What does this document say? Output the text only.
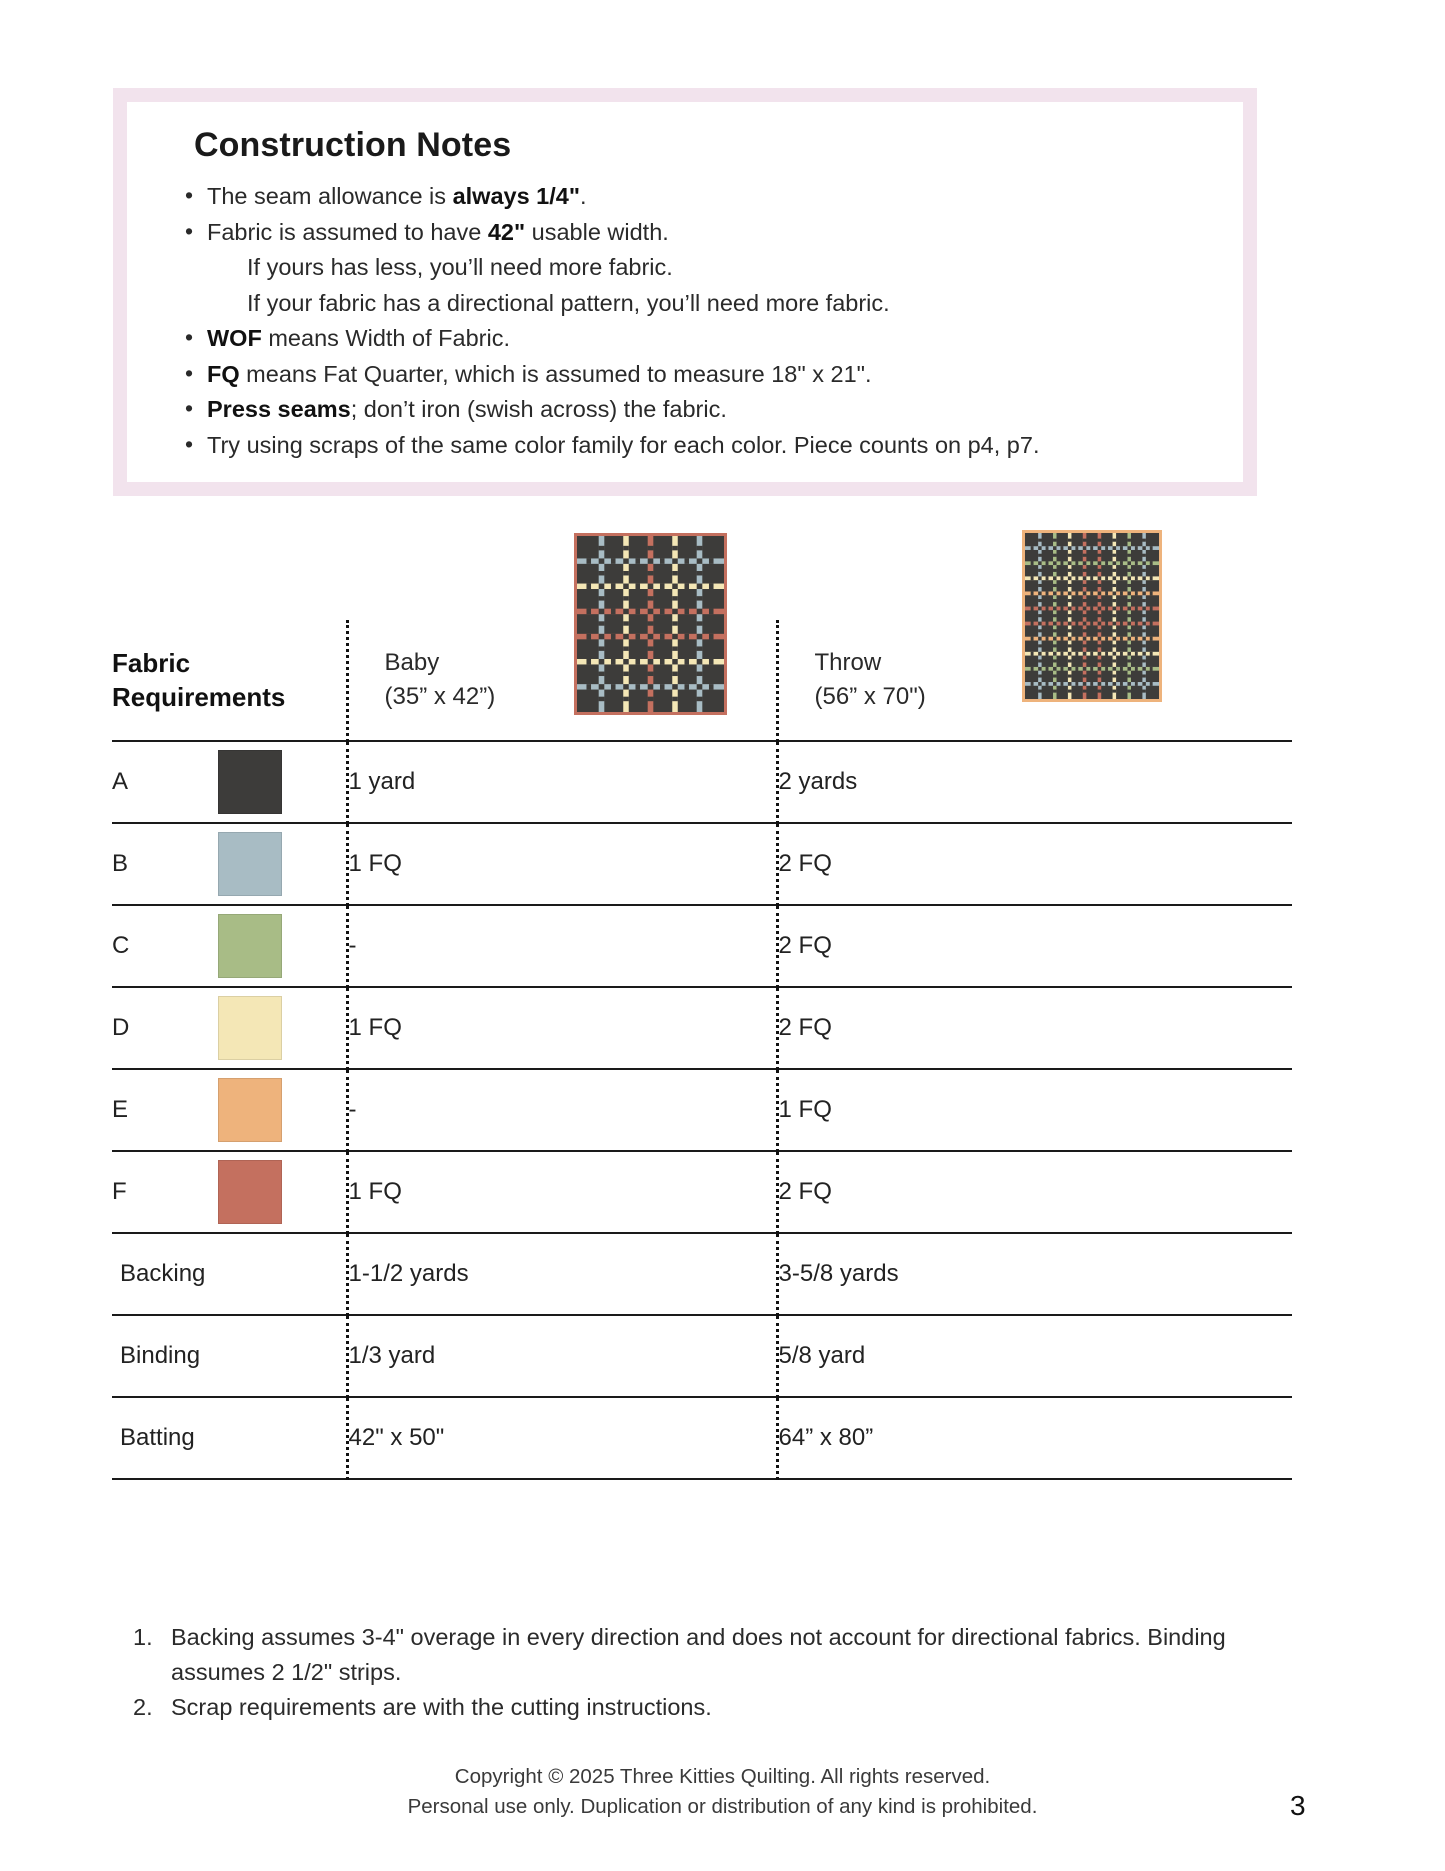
Construction Notes
• The seam allowance is always 1/4".
• Fabric is assumed to have 42" usable width.
If yours has less, you’ll need more fabric.
If your fabric has a directional pattern, you’ll need more fabric.
• WOF means Width of Fabric.
• FQ means Fat Quarter, which is assumed to measure 18" x 21".
• Press seams; don’t iron (swish across) the fabric.
• Try using scraps of the same color family for each color. Piece counts on p4, p7.
Fabric
Requirements

Baby
(35” x 42”)

Throw
(56” x 70")

A		1 yard	2 yards
B		1 FQ	2 FQ
C		-	2 FQ
D		1 FQ	2 FQ
E		-	1 FQ
F		1 FQ	2 FQ
Backing		1-1/2 yards	3-5/8 yards
Binding		1/3 yard	5/8 yard
Batting		42" x 50"	64” x 80”

Backing assumes 3-4" overage in every direction and does not account for directional fabrics. Binding assumes 2 1/2" strips.
Scrap requirements are with the cutting instructions.
Copyright © 2025 Three Kitties Quilting. All rights reserved.
Personal use only. Duplication or distribution of any kind is prohibited.	3
